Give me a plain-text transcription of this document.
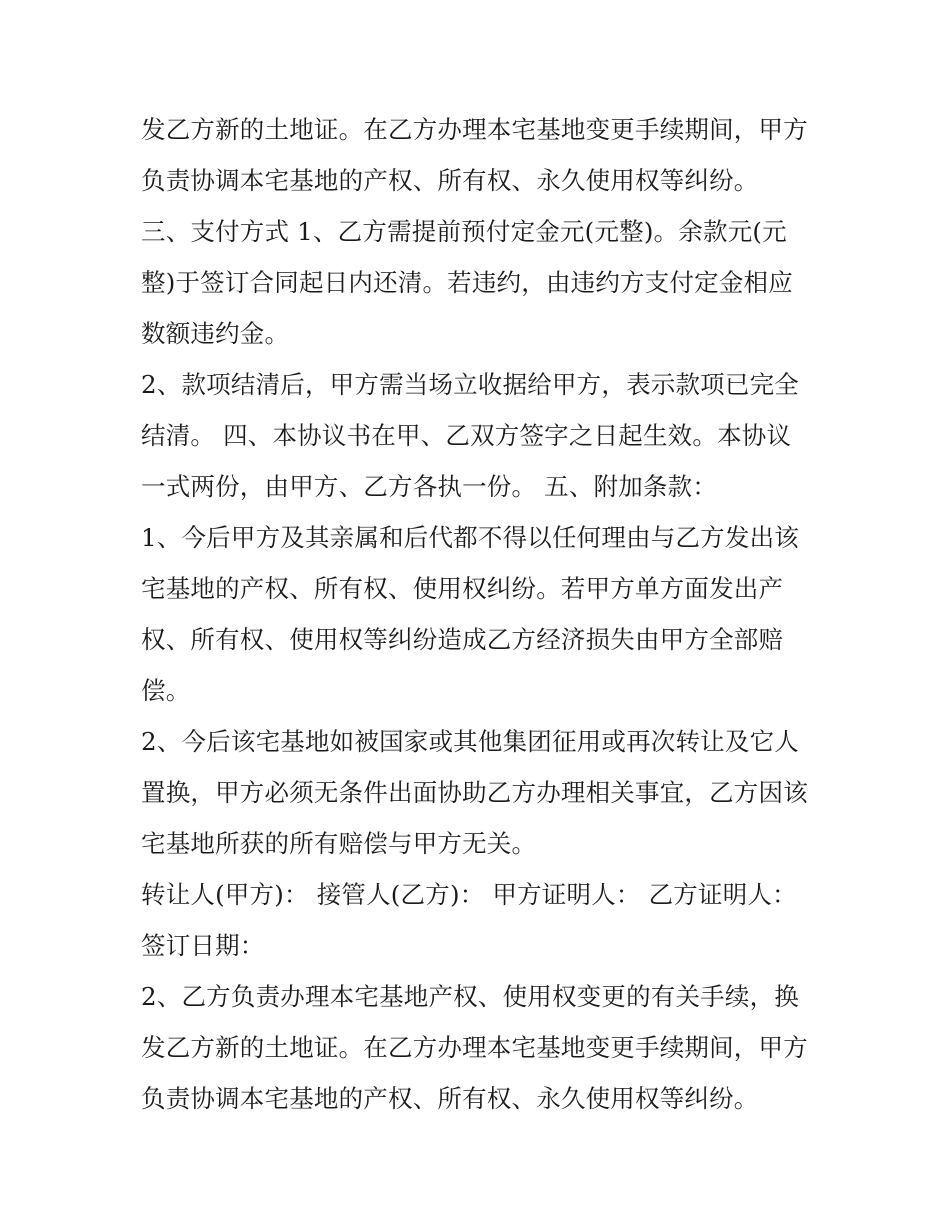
发乙方新的土地证。在乙方办理本宅基地变更手续期间，甲方
负责协调本宅基地的产权、所有权、永久使用权等纠纷。
三、支付方式 1、乙方需提前预付定金元(元整)。余款元(元
整)于签订合同起日内还清。若违约，由违约方支付定金相应
数额违约金。
2、款项结清后，甲方需当场立收据给甲方，表示款项已完全
结清。 四、本协议书在甲、乙双方签字之日起生效。本协议
一式两份，由甲方、乙方各执一份。 五、附加条款：
1、今后甲方及其亲属和后代都不得以任何理由与乙方发出该
宅基地的产权、所有权、使用权纠纷。若甲方单方面发出产
权、所有权、使用权等纠纷造成乙方经济损失由甲方全部赔
偿。
2、今后该宅基地如被国家或其他集团征用或再次转让及它人
置换，甲方必须无条件出面协助乙方办理相关事宜，乙方因该
宅基地所获的所有赔偿与甲方无关。
转让人(甲方)： 接管人(乙方)： 甲方证明人： 乙方证明人：
签订日期：
2、乙方负责办理本宅基地产权、使用权变更的有关手续，换
发乙方新的土地证。在乙方办理本宅基地变更手续期间，甲方
负责协调本宅基地的产权、所有权、永久使用权等纠纷。
